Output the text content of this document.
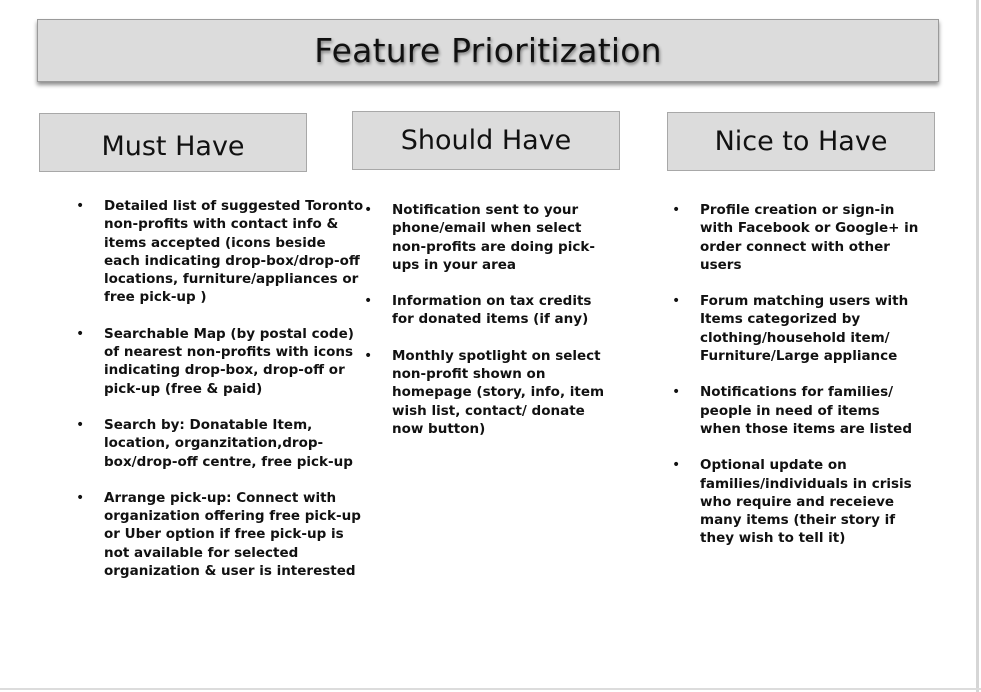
Feature Prioritization
Must Have	Should Have	Nice to Have
• Detailed list of suggested Toronto non-profits with contact info & items accepted (icons beside each indicating drop-box/drop-off locations, furniture/appliances or free pick-up )
• Searchable Map (by postal code) of nearest non-profits with icons indicating drop-box, drop-off or pick-up (free & paid)
• Search by: Donatable Item, location, organzitation,drop-box/drop-off centre, free pick-up
• Arrange pick-up: Connect with organization offering free pick-up or Uber option if free pick-up is not available for selected organization & user is interested
• Notification sent to your phone/email when select non-profits are doing pick-ups in your area
• Information on tax credits for donated items (if any)
• Monthly spotlight on select non-profit shown on homepage (story, info, item wish list, contact/ donate now button)
• Profile creation or sign-in with Facebook or Google+ in order connect with other users
• Forum matching users with Items categorized by clothing/household item/ Furniture/Large appliance
• Notifications for families/ people in need of items when those items are listed
• Optional update on families/individuals in crisis who require and receieve many items (their story if they wish to tell it)
